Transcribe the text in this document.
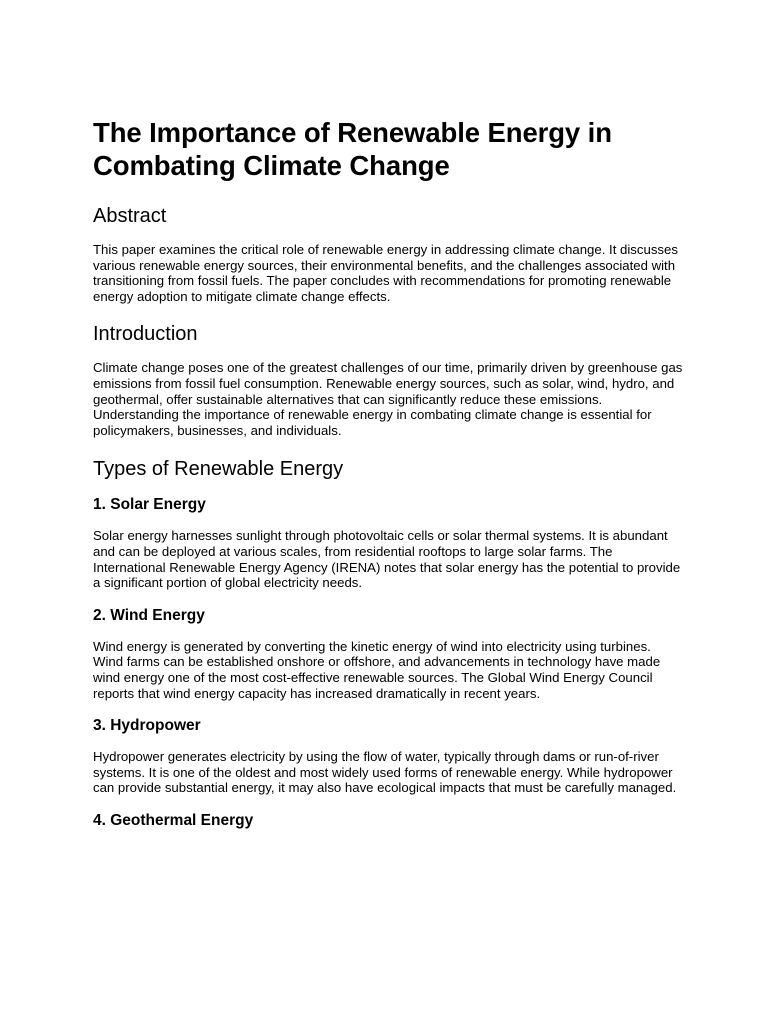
The Importance of Renewable Energy in Combating Climate Change
Abstract

This paper examines the critical role of renewable energy in addressing climate change. It discusses various renewable energy sources, their environmental benefits, and the challenges associated with transitioning from fossil fuels. The paper concludes with recommendations for promoting renewable energy adoption to mitigate climate change effects.

Introduction

Climate change poses one of the greatest challenges of our time, primarily driven by greenhouse gas emissions from fossil fuel consumption. Renewable energy sources, such as solar, wind, hydro, and geothermal, offer sustainable alternatives that can significantly reduce these emissions. Understanding the importance of renewable energy in combating climate change is essential for policymakers, businesses, and individuals.

Types of Renewable Energy
1. Solar Energy

Solar energy harnesses sunlight through photovoltaic cells or solar thermal systems. It is abundant and can be deployed at various scales, from residential rooftops to large solar farms. The International Renewable Energy Agency (IRENA) notes that solar energy has the potential to provide a significant portion of global electricity needs.

2. Wind Energy

Wind energy is generated by converting the kinetic energy of wind into electricity using turbines. Wind farms can be established onshore or offshore, and advancements in technology have made wind energy one of the most cost-effective renewable sources. The Global Wind Energy Council reports that wind energy capacity has increased dramatically in recent years.

3. Hydropower

Hydropower generates electricity by using the flow of water, typically through dams or run-of-river systems. It is one of the oldest and most widely used forms of renewable energy. While hydropower can provide substantial energy, it may also have ecological impacts that must be carefully managed.

4. Geothermal Energy
